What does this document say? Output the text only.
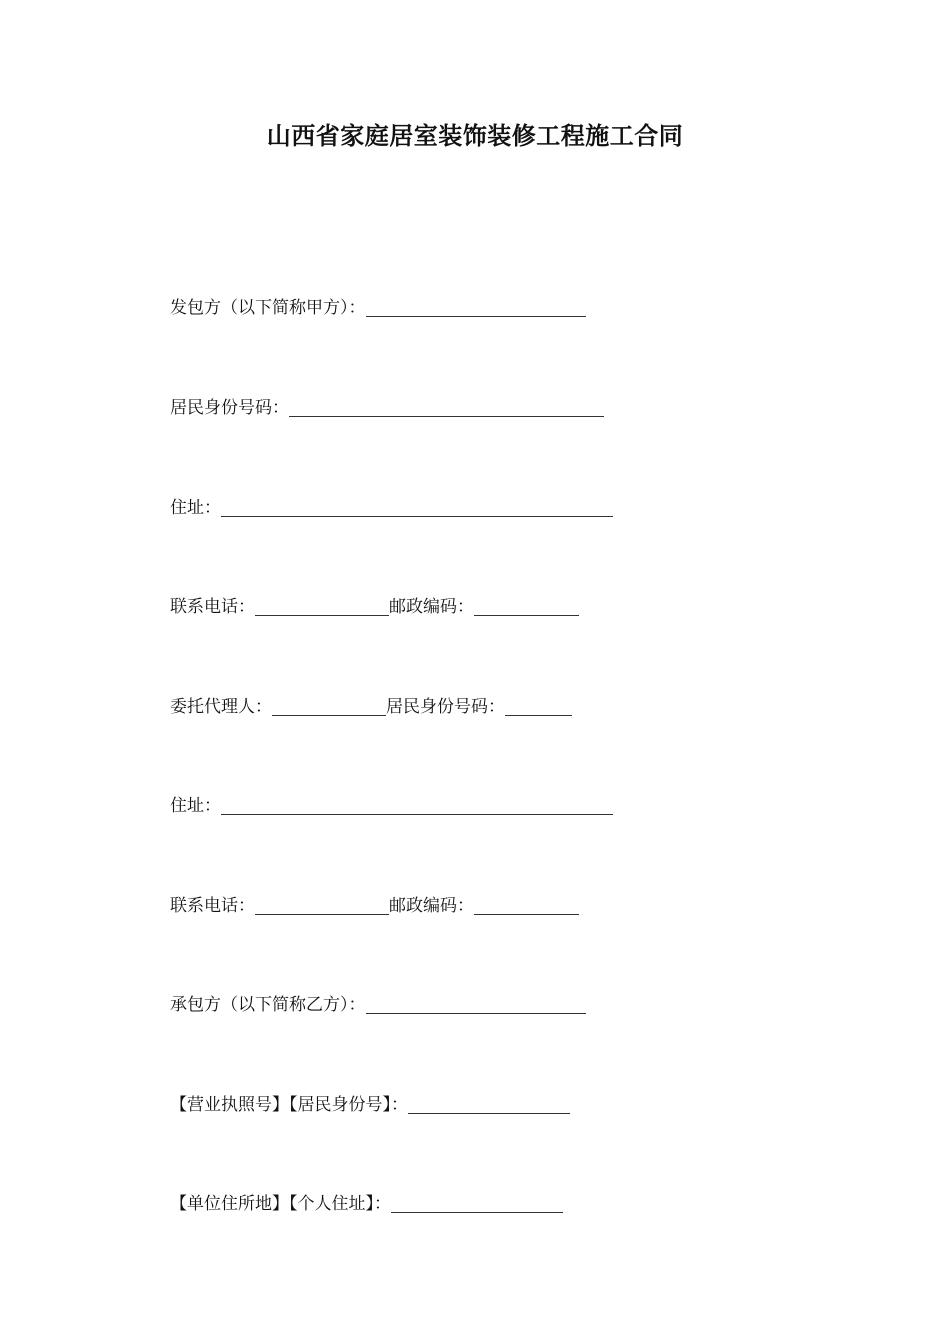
山西省家庭居室装饰装修工程施工合同
发包方（以下简称甲方）：
居民身份号码：
住址：
联系电话：	邮政编码：
委托代理人：	居民身份号码：
住址：
联系电话：	邮政编码：
承包方（以下简称乙方）：
【营业执照号】【居民身份号】：
【单位住所地】【个人住址】：
